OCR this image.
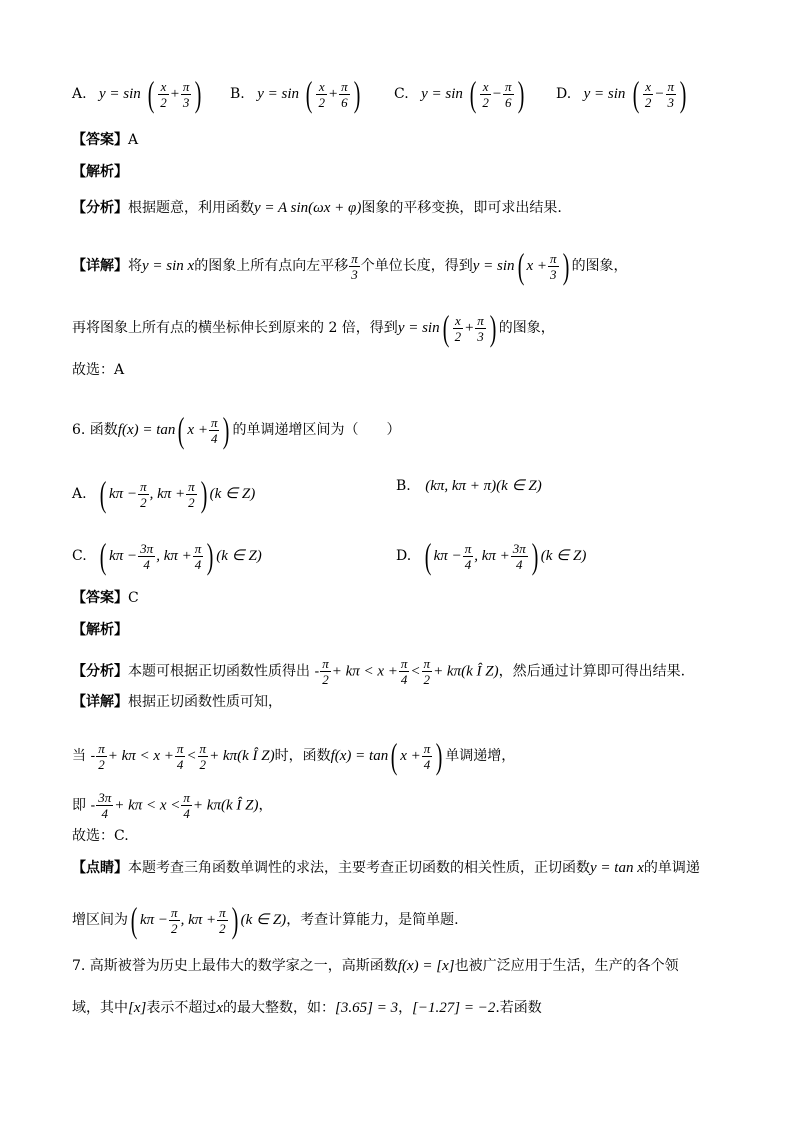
A. y = sin ( $\frac{x}{2} + \frac{\pi}{3}$ ) B. y = sin ( $\frac{x}{2} + \frac{\pi}{6}$ ) C. y = sin ( $\frac{x}{2} - \frac{\pi}{6}$ ) D. y = sin ( $\frac{x}{2} - \frac{\pi}{3}$ )
【答案】A
【解析】
【分析】根据题意，利用函数y = A sin(ωx + φ)图象的平移变换，即可求出结果.
【详解】将y = sin x的图象上所有点向左平移 $\frac{\pi}{3}$ 个单位长度，得到y = sin( $x + \frac{\pi}{3}$ ) 的图象，
再将图象上所有点的横坐标伸长到原来的 2 倍，得到$y = \sin( \frac{x}{2} + \frac{\pi}{3}$ ) 的图象，
故选：A
6. 函数f(x) = tan( $x + \frac{\pi}{4}$ ) 的单调递增区间为（　　）
A. ( $k\pi - \frac{\pi}{2}$ , $k\pi + \frac{\pi}{2}$ ) (k ∈ Z)	B. (kπ, kπ + π)(k ∈ Z)
C. ( $k\pi - \frac{3\pi}{4}$ , $k\pi + \frac{\pi}{4}$ ) (k ∈ Z)	D. ( $k\pi - \frac{\pi}{4}$ , $k\pi + \frac{3\pi}{4}$ ) (k ∈ Z)
【答案】C
【解析】
【分析】本题可根据正切函数性质得出 - $\frac{\pi}{2} + k\pi < x + \frac{\pi}{4} < \frac{\pi}{2} + k\pi(k$ Î Z)，然后通过计算即可得出结果.
【详解】根据正切函数性质可知，
当 - $\frac{\pi}{2} + k\pi < x + \frac{\pi}{4} < \frac{\pi}{2} + k\pi(k$ Î Z)时，函数f(x) = tan( $x + \frac{\pi}{4}$ ) 单调递增，
即 - $\frac{3\pi}{4} + k\pi < x < \frac{\pi}{4} + k\pi(k$ Î Z)，
故选：C.
【点睛】本题考查三角函数单调性的求法，主要考查正切函数的相关性质，正切函数y = tan x的单调递
增区间为( $k\pi - \frac{\pi}{2}$ , $k\pi + \frac{\pi}{2}$ ) (k ∈ Z)，考查计算能力，是简单题.
7. 高斯被誉为历史上最伟大的数学家之一，高斯函数f(x) = [x]也被广泛应用于生活，生产的各个领
域，其中[x]表示不超过x的最大整数，如：[3.65] = 3，[−1.27] = −2.若函数
